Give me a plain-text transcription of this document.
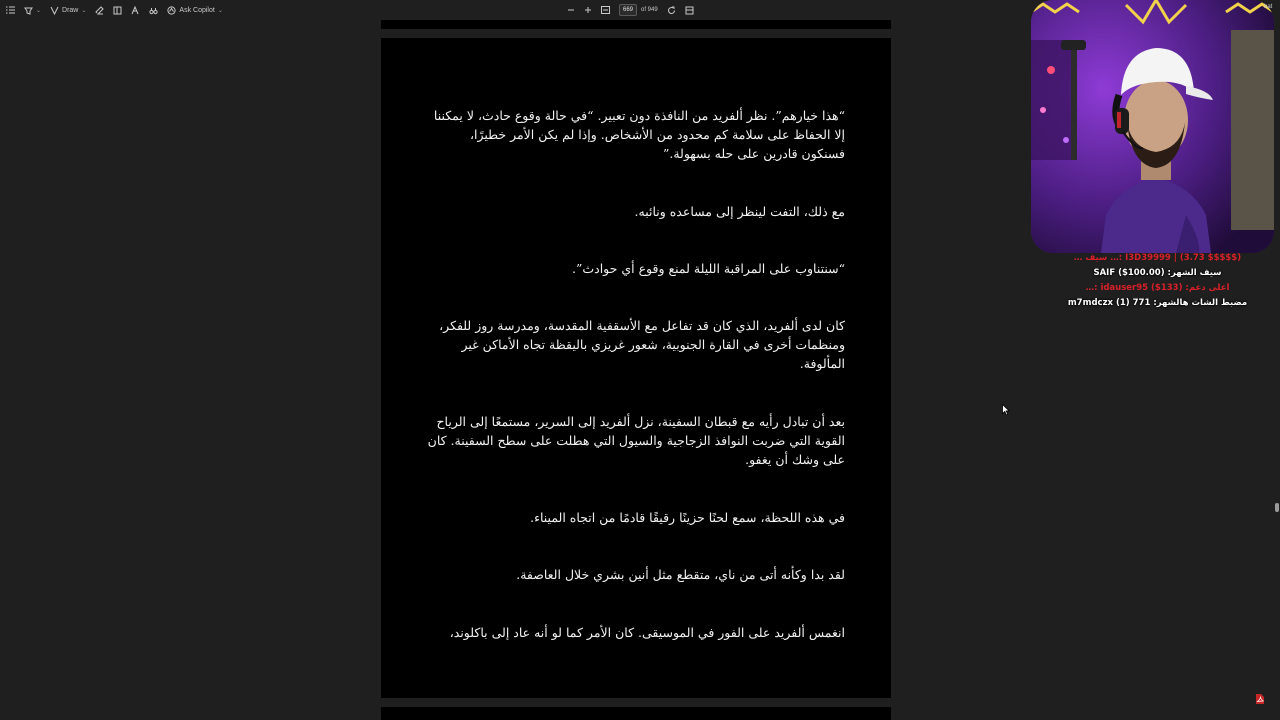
⌄	Draw ⌄	Ask Copilot ⌄	669	of 949

“هذا خيارهم”. نظر ألفريد من النافذة دون تعبير. “في حالة وقوع حادث، لا يمكننا إلا الحفاظ على سلامة كم محدود من الأشخاص. وإذا لم يكن الأمر خطيرًا، فسنكون قادرين على حله بسهولة.”

مع ذلك، التفت لينظر إلى مساعده ونائبه.

“سنتناوب على المراقبة الليلة لمنع وقوع أي حوادث”.

كان لدى ألفريد، الذي كان قد تفاعل مع الأسقفية المقدسة، ومدرسة روز للفكر، ومنظمات أخرى في القارة الجنوبية، شعور غريزي باليقظة تجاه الأماكن غير المألوفة.

بعد أن تبادل رأيه مع قبطان السفينة، نزل ألفريد إلى السرير، مستمعًا إلى الرياح القوية التي ضربت النوافذ الزجاجية والسيول التي هطلت على سطح السفينة. كان على وشك أن يغفو.

في هذه اللحظة، سمع لحنًا حزينًا رقيقًا قادمًا من اتجاه الميناء.

لقد بدا وكأنه أتى من ناي، متقطع مثل أنين بشري خلال العاصفة.

انغمس ألفريد على الفور في الموسيقى. كان الأمر كما لو أنه عاد إلى باكلوند،

bat
I3D39999 | (3.73 $$$$$) :… سيف …
سيف الشهر: SAIF ($100.00)
أعلى دعم: idauser95 ($133) :…
مضبط الشات هالشهر: m7mdczx (1) 771
